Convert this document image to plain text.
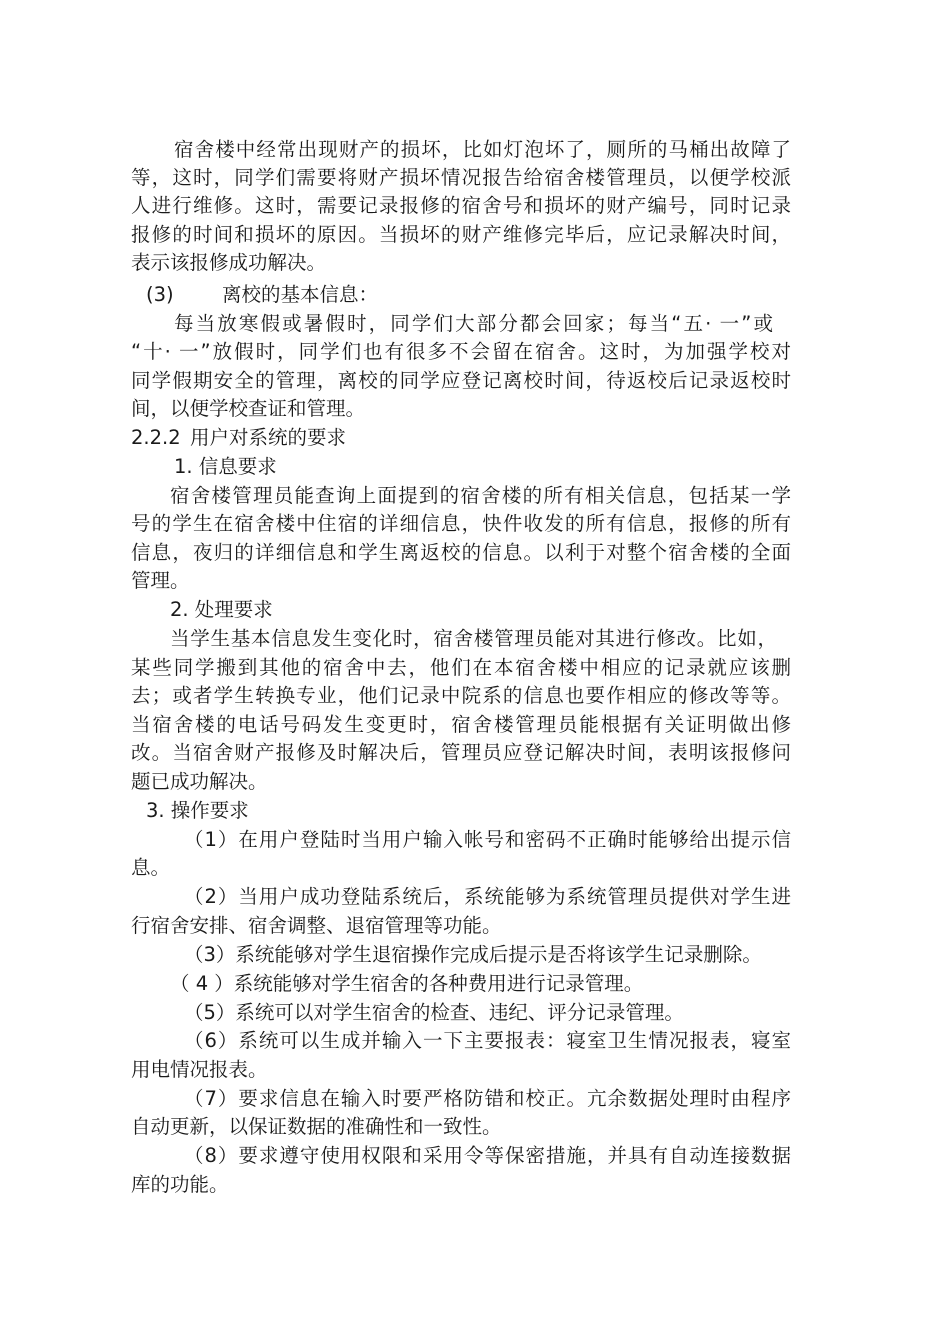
宿舍楼中经常出现财产的损坏，比如灯泡坏了，厕所的马桶出故障了
等，这时，同学们需要将财产损坏情况报告给宿舍楼管理员，以便学校派
人进行维修。这时，需要记录报修的宿舍号和损坏的财产编号，同时记录
报修的时间和损坏的原因。当损坏的财产维修完毕后，应记录解决时间，
表示该报修成功解决。
(3)	离校的基本信息：
每当放寒假或暑假时，同学们大部分都会回家；每当“五· 一”或
“十· 一”放假时，同学们也有很多不会留在宿舍。这时，为加强学校对
同学假期安全的管理，离校的同学应登记离校时间，待返校后记录返校时
间，以便学校查证和管理。
2.2.2 用户对系统的要求
1. 信息要求
宿舍楼管理员能查询上面提到的宿舍楼的所有相关信息，包括某一学
号的学生在宿舍楼中住宿的详细信息，快件收发的所有信息，报修的所有
信息，夜归的详细信息和学生离返校的信息。以利于对整个宿舍楼的全面
管理。
2. 处理要求
当学生基本信息发生变化时，宿舍楼管理员能对其进行修改。比如，
某些同学搬到其他的宿舍中去，他们在本宿舍楼中相应的记录就应该删
去；或者学生转换专业，他们记录中院系的信息也要作相应的修改等等。
当宿舍楼的电话号码发生变更时，宿舍楼管理员能根据有关证明做出修
改。当宿舍财产报修及时解决后，管理员应登记解决时间，表明该报修问
题已成功解决。
3. 操作要求
（1）在用户登陆时当用户输入帐号和密码不正确时能够给出提示信
息。
（2）当用户成功登陆系统后，系统能够为系统管理员提供对学生进
行宿舍安排、宿舍调整、退宿管理等功能。
（3）系统能够对学生退宿操作完成后提示是否将该学生记录删除。
（ 4 ）系统能够对学生宿舍的各种费用进行记录管理。
（5）系统可以对学生宿舍的检查、违纪、评分记录管理。
（6）系统可以生成并输入一下主要报表：寝室卫生情况报表，寝室
用电情况报表。
（7）要求信息在输入时要严格防错和校正。亢余数据处理时由程序
自动更新，以保证数据的准确性和一致性。
（8）要求遵守使用权限和采用令等保密措施，并具有自动连接数据
库的功能。
